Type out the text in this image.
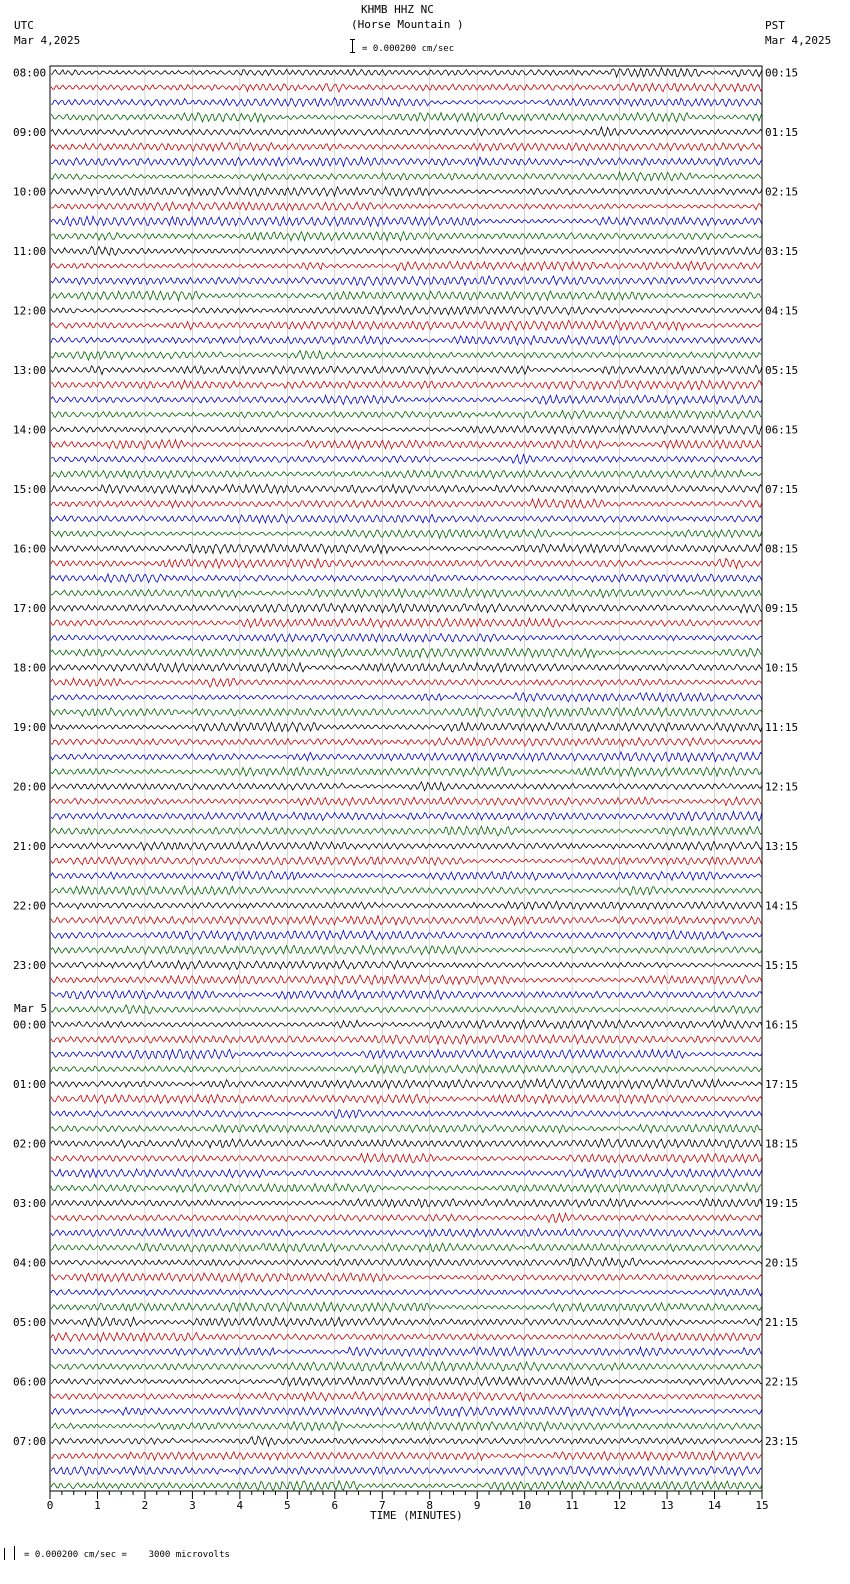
KHMB HHZ NC
(Horse Mountain )
= 0.000200 cm/sec
UTC
Mar 4,2025
PST
Mar 4,2025
Mar 5
TIME (MINUTES)
= 0.000200 cm/sec =    3000 microvolts
08:00	00:15
09:00	01:15
10:00	02:15
11:00	03:15
12:00	04:15
13:00	05:15
14:00	06:15
15:00	07:15
16:00	08:15
17:00	09:15
18:00	10:15
19:00	11:15
20:00	12:15
21:00	13:15
22:00	14:15
23:00	15:15
00:00	16:15
01:00	17:15
02:00	18:15
03:00	19:15
04:00	20:15
05:00	21:15
06:00	22:15
07:00	23:15
0	1	2	3	4	5	6	7	8	9	10	11	12	13	14	15
